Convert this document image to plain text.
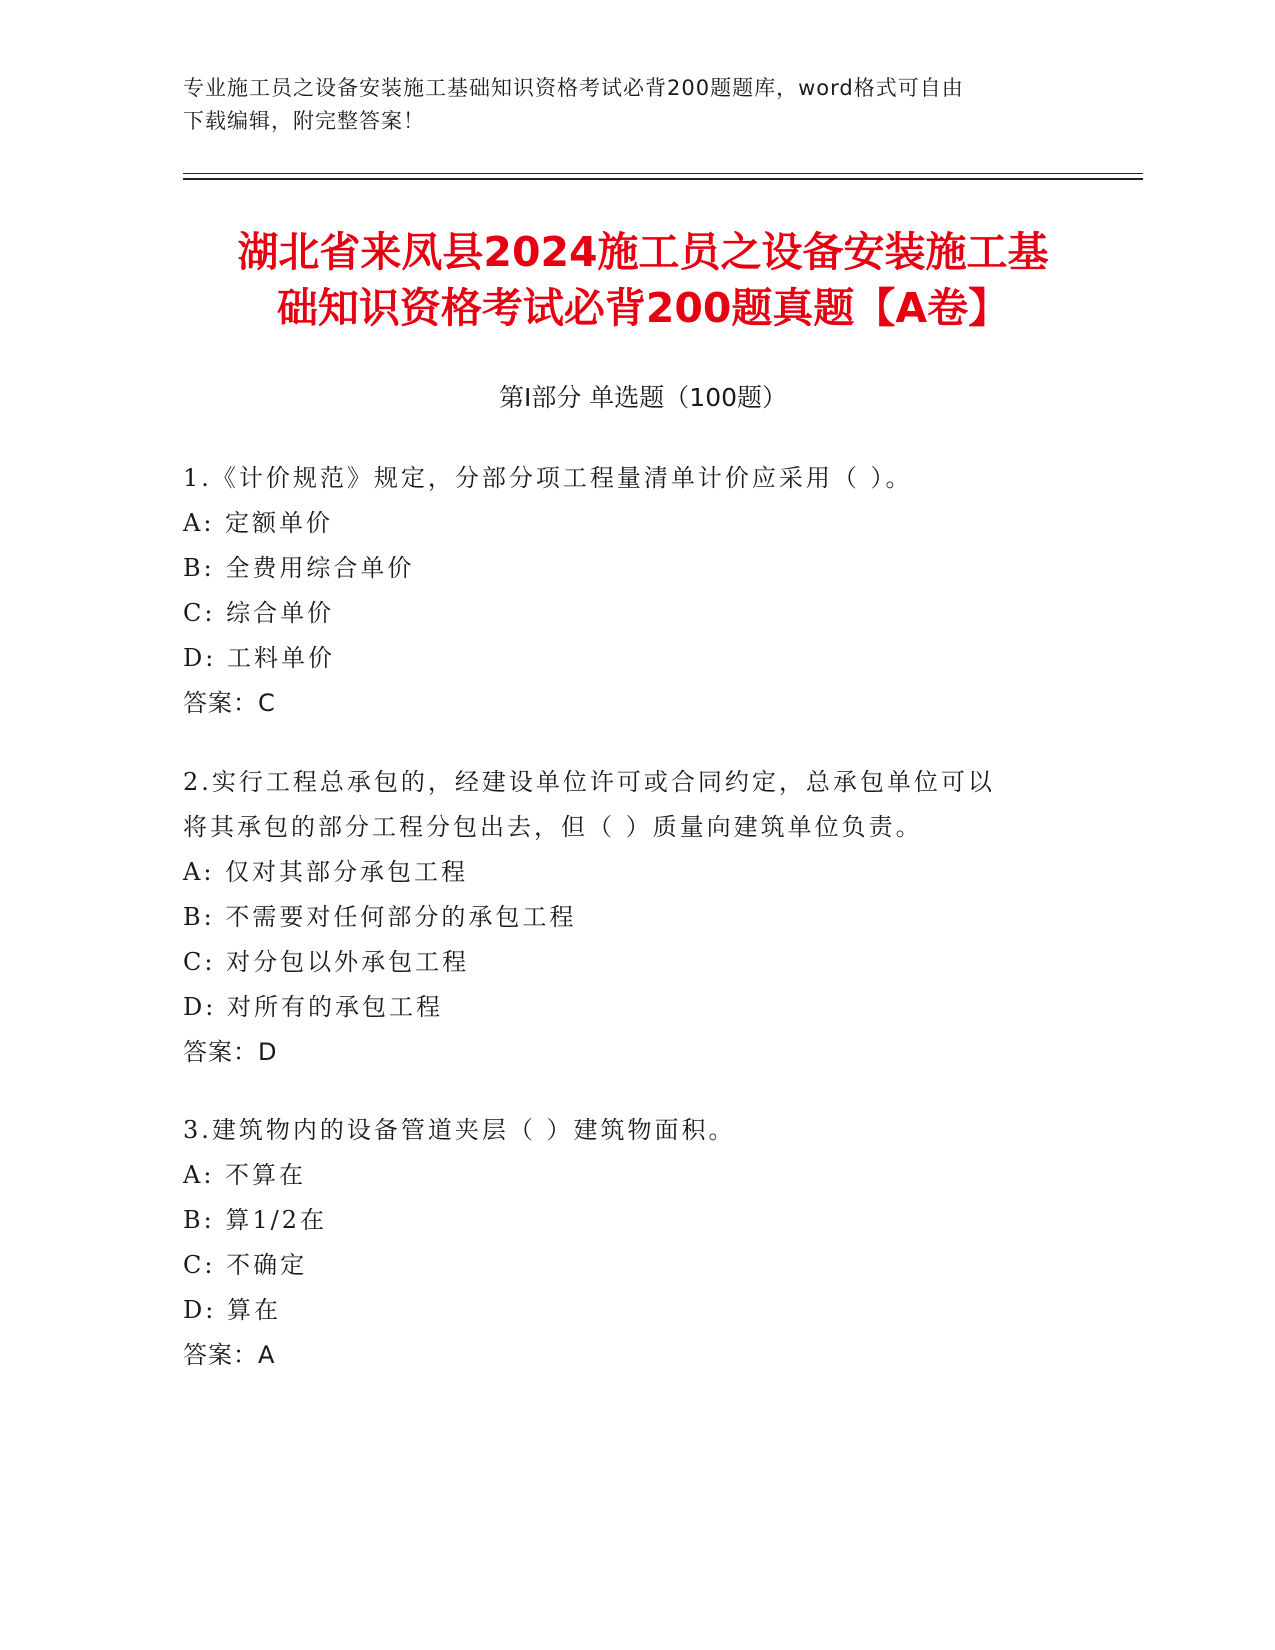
专业施工员之设备安装施工基础知识资格考试必背200题题库，word格式可自由
下载编辑，附完整答案！
湖北省来凤县2024施工员之设备安装施工基
础知识资格考试必背200题真题【A卷】
第Ⅰ部分 单选题（100题）
1.《计价规范》规定，分部分项工程量清单计价应采用（ ）。
A: 定额单价
B: 全费用综合单价
C: 综合单价
D: 工料单价
答案：C
2.实行工程总承包的，经建设单位许可或合同约定，总承包单位可以
将其承包的部分工程分包出去，但（ ）质量向建筑单位负责。
A: 仅对其部分承包工程
B: 不需要对任何部分的承包工程
C: 对分包以外承包工程
D: 对所有的承包工程
答案：D
3.建筑物内的设备管道夹层（ ）建筑物面积。
A: 不算在
B: 算1/2在
C: 不确定
D: 算在
答案：A
